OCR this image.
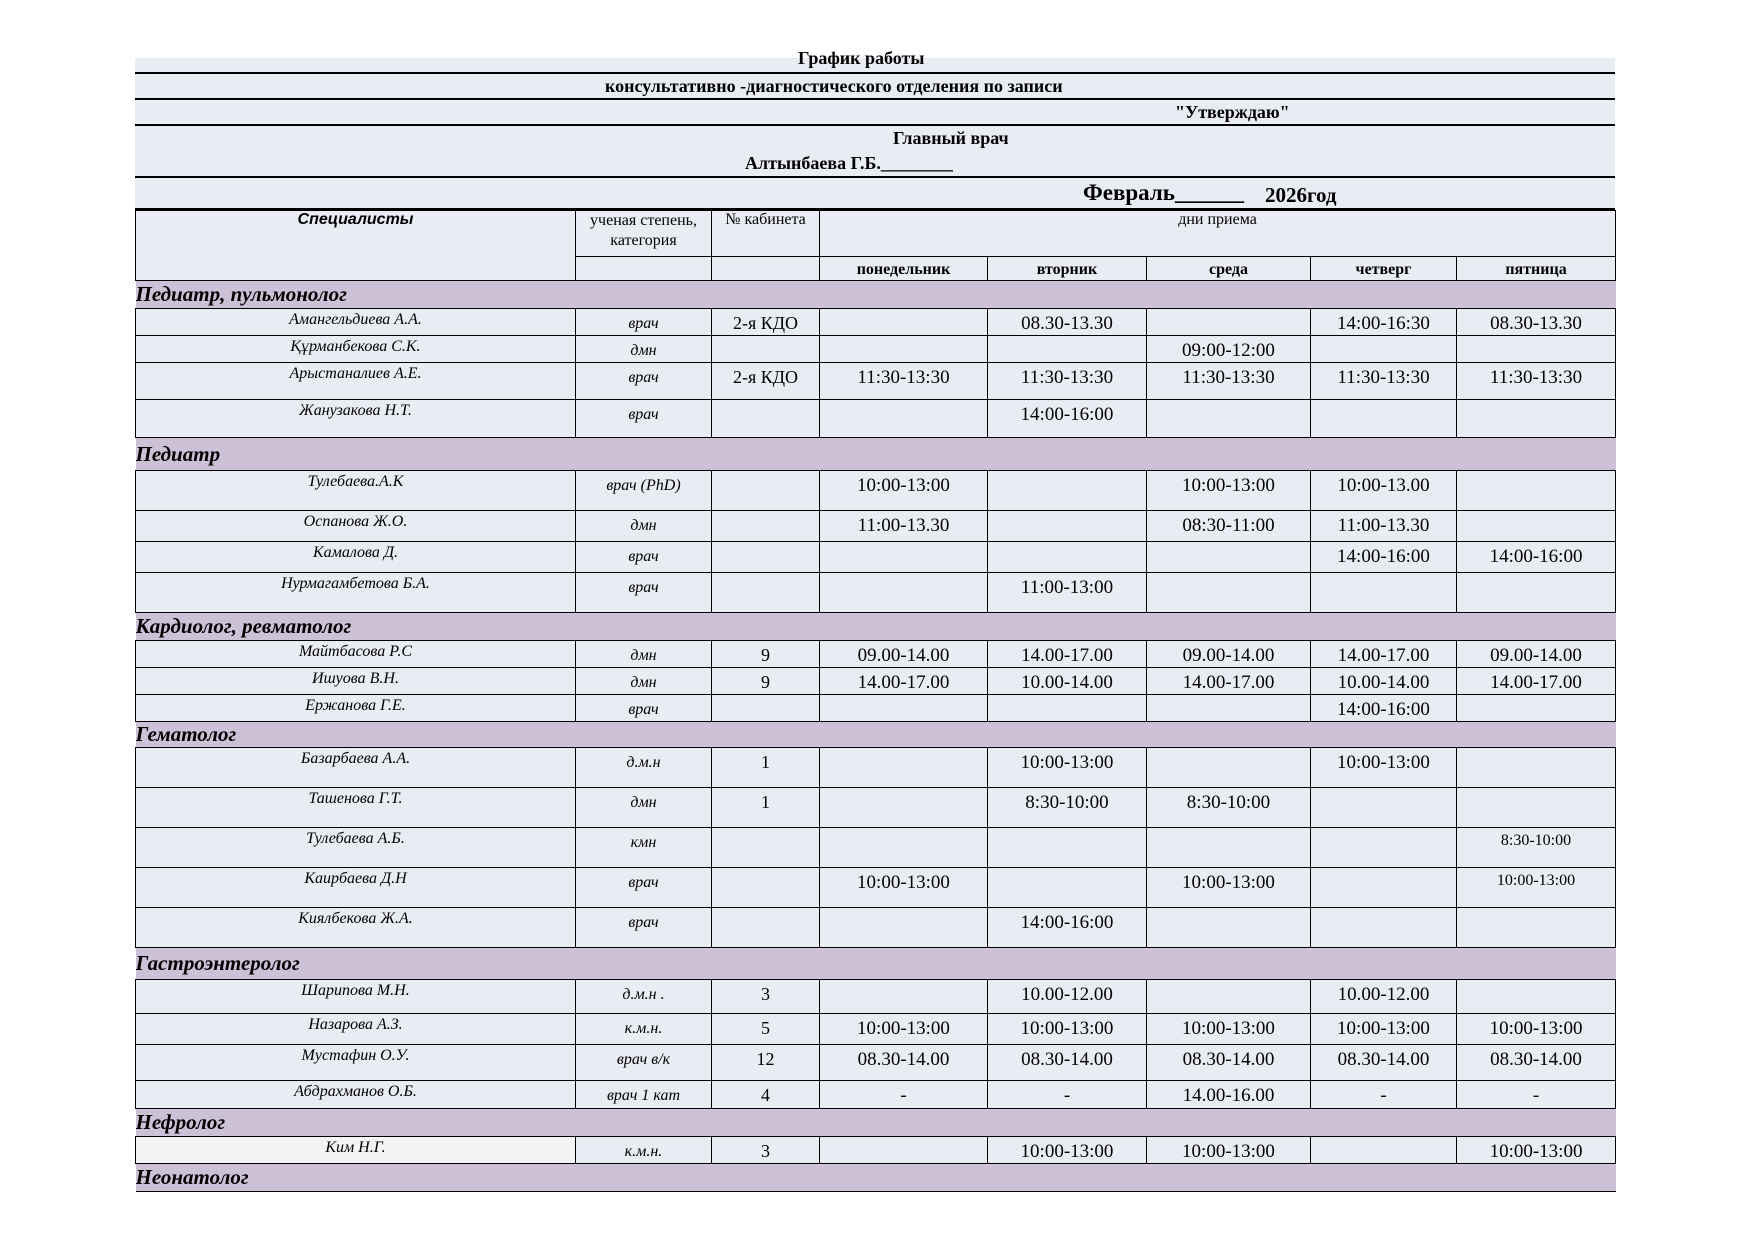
График работы
консультативно -диагностического отделения по записи
"Утверждаю"
Главный врач
Алтынбаева Г.Б.________
Февраль______ 2026год
Специалисты	ученая степень, категория	№ кабинета	дни приема				
			понедельник	вторник	среда	четверг	пятница
Педиатр, пульмонолог							
Амангельдиева А.А.	врач	2-я КДО		08.30-13.30		14:00-16:30	08.30-13.30
Құрманбекова С.К.	дмн				09:00-12:00		
Арыстаналиев А.Е.	врач	2-я КДО	11:30-13:30	11:30-13:30	11:30-13:30	11:30-13:30	11:30-13:30
Жанузакова Н.Т.	врач			14:00-16:00			
Педиатр							
Тулебаева.А.К	врач (PhD)		10:00-13:00		10:00-13:00	10:00-13.00	
Оспанова Ж.О.	дмн		11:00-13.30		08:30-11:00	11:00-13.30	
Камалова Д.	врач					14:00-16:00	14:00-16:00
Нурмагамбетова Б.А.	врач			11:00-13:00			
Кардиолог, ревматолог							
Майтбасова Р.С	дмн	9	09.00-14.00	14.00-17.00	09.00-14.00	14.00-17.00	09.00-14.00
Ишуова В.Н.	дмн	9	14.00-17.00	10.00-14.00	14.00-17.00	10.00-14.00	14.00-17.00
Ержанова Г.Е.	врач					14:00-16:00	
Гематолог							
Базарбаева А.А.	д.м.н	1		10:00-13:00		10:00-13:00	
Ташенова Г.Т.	дмн	1		8:30-10:00	8:30-10:00		
Тулебаева А.Б.	кмн						8:30-10:00
Каирбаева Д.Н	врач		10:00-13:00		10:00-13:00		10:00-13:00
Киялбекова Ж.А.	врач			14:00-16:00			
Гастроэнтеролог							
Шарипова М.Н.	д.м.н .	3		10.00-12.00		10.00-12.00	
Назарова А.З.	к.м.н.	5	10:00-13:00	10:00-13:00	10:00-13:00	10:00-13:00	10:00-13:00
Мустафин О.У.	врач в/к	12	08.30-14.00	08.30-14.00	08.30-14.00	08.30-14.00	08.30-14.00
Абдрахманов О.Б.	врач 1 кат	4	-	-	14.00-16.00	-	-
Нефролог							
Ким Н.Г.	к.м.н.	3		10:00-13:00	10:00-13:00		10:00-13:00
Неонатолог							
